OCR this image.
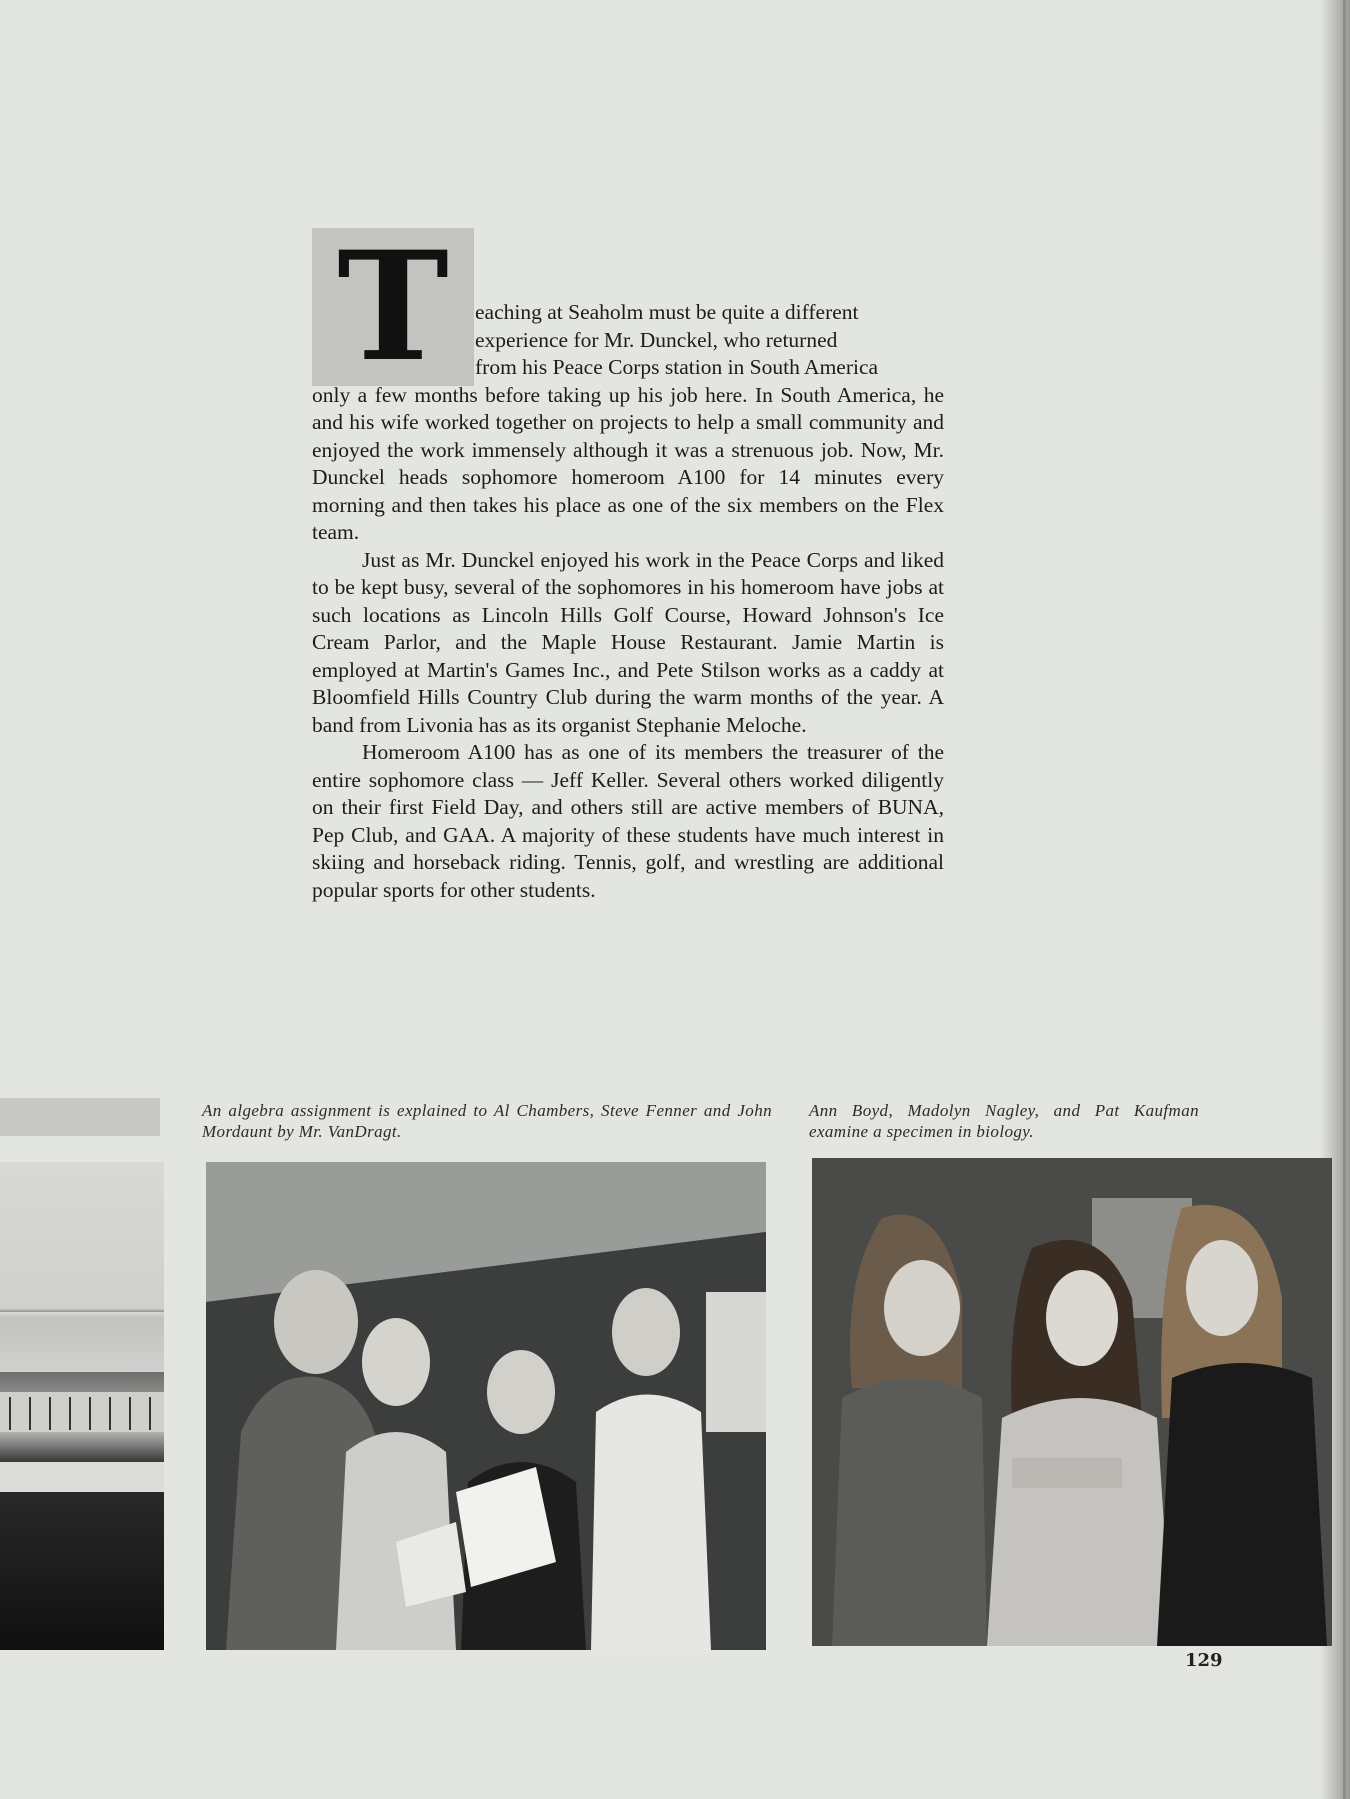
T	eaching at Seaholm must be quite a different
experience for Mr. Dunckel, who returned
from his Peace Corps station in South America
only a few months before taking up his job here. In South America, he and his wife worked together on projects to help a small community and enjoyed the work immensely although it was a strenuous job. Now, Mr. Dunckel heads sophomore homeroom A100 for 14 minutes every morning and then takes his place as one of the six members on the Flex team.

Just as Mr. Dunckel enjoyed his work in the Peace Corps and liked to be kept busy, several of the sophomores in his homeroom have jobs at such locations as Lincoln Hills Golf Course, Howard Johnson's Ice Cream Parlor, and the Maple House Restaurant. Jamie Martin is employed at Martin's Games Inc., and Pete Stilson works as a caddy at Bloomfield Hills Country Club during the warm months of the year. A band from Livonia has as its organist Stephanie Meloche.

Homeroom A100 has as one of its members the treasurer of the entire sophomore class — Jeff Keller. Several others worked diligently on their first Field Day, and others still are active members of BUNA, Pep Club, and GAA. A majority of these students have much interest in skiing and horseback riding. Tennis, golf, and wrestling are additional popular sports for other students.

An algebra assignment is explained to Al Chambers, Steve Fenner and John Mordaunt by Mr. VanDragt.
Ann Boyd, Madolyn Nagley, and Pat Kaufman examine a specimen in biology.
129
